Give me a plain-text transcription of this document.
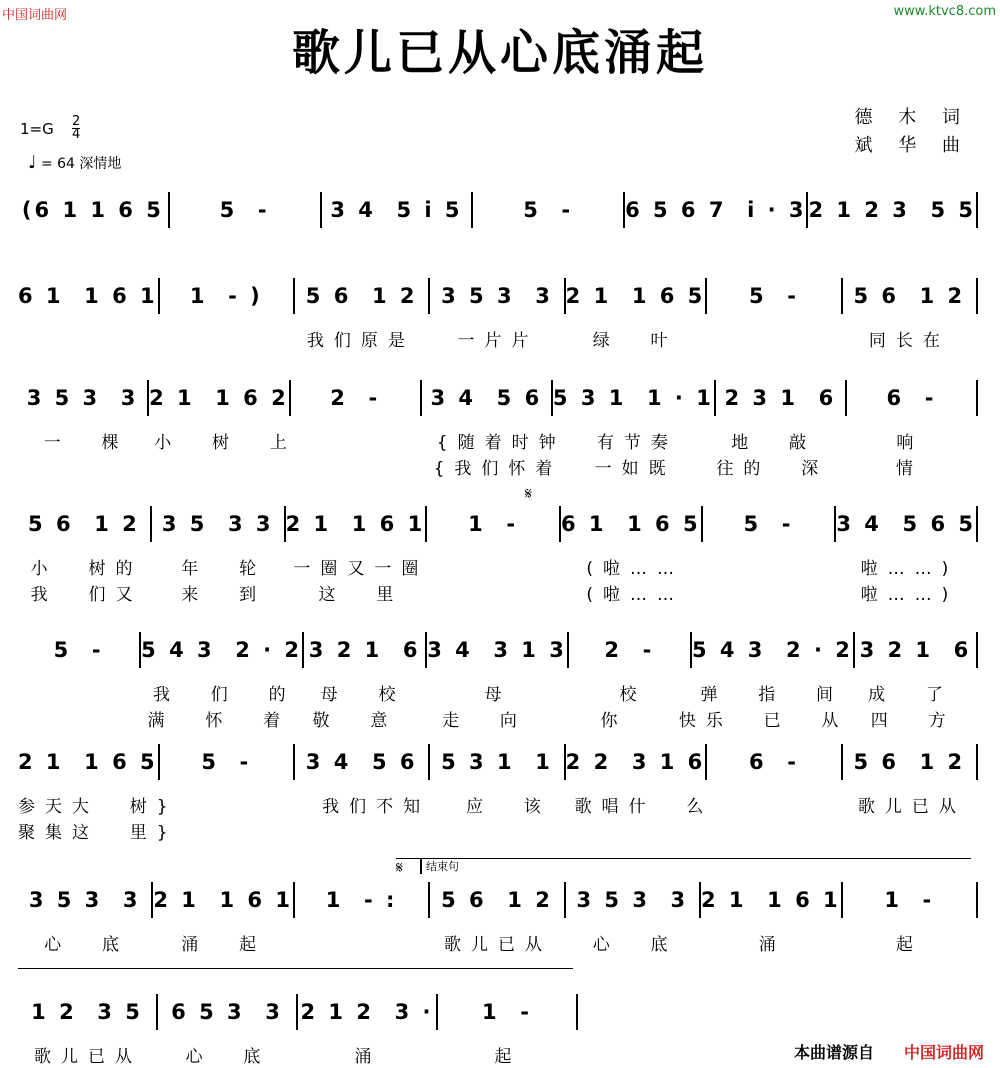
中国词曲网	www.ktvc8.com
歌儿已从心底涌起
德 木 词
斌 华 曲
1=G 2
4
♩ = 64 深情地
(6 1 1 6 5	5  -	3 4  5 i 5	5  -	6 5 6 7  i · 3 2 1 2 3  5 5
6 1  1 6 1	1  - )	5 6  1 2	3 5 3  3 2 1  1 6 5	5  -	5 6  1 2
我们原是	一片片	绿  叶	同长在
3 5 3  3 2 1  1 6 2	2  -	3 4  5 6 5 3 1  1 · 1 2 3 1  6	6  -
一  棵	小  树  上	{随着时钟	有节奏	地  敲	响
{我们怀着	一如既	往的  深	情
5 6  1 2	3 5  3 3 2 1  1 6 1	1  -	6 1  1 6 5	5  -	3 4  5 6 5
小  树的	年  轮	一圈又一圈	(啦……	啦……)
我  们又	来  到	这  里	(啦……	啦……)
5  -	5 4 3  2 · 2 3 2 1  6 3 4  3 1 3	2  -	5 4 3  2 · 2 3 2 1  6
我  们  的	母  校	母	校	弹  指  间	成  了
满  怀  着	敬  意	走  向	你	快乐  已  从	四  方
2 1  1 6 5	5  -	3 4  5 6	5 3 1  1 2 2  3 1 6	6  -	5 6  1 2
参天大  树}	我们不知	应  该	歌唱什  么	歌儿已从
聚集这  里}
3 5 3  3 2 1  1 6 1	1  - :	5 6  1 2	3 5 3  3 2 1  1 6 1	1  -
心  底	涌  起	歌儿已从	心  底	涌	起
1 2  3 5	6 5 3  3 2 1 2  3 ·	1  -
歌儿已从	心  底	涌	起
𝄋
𝄋	结束句
本曲谱源自 中国词曲网
